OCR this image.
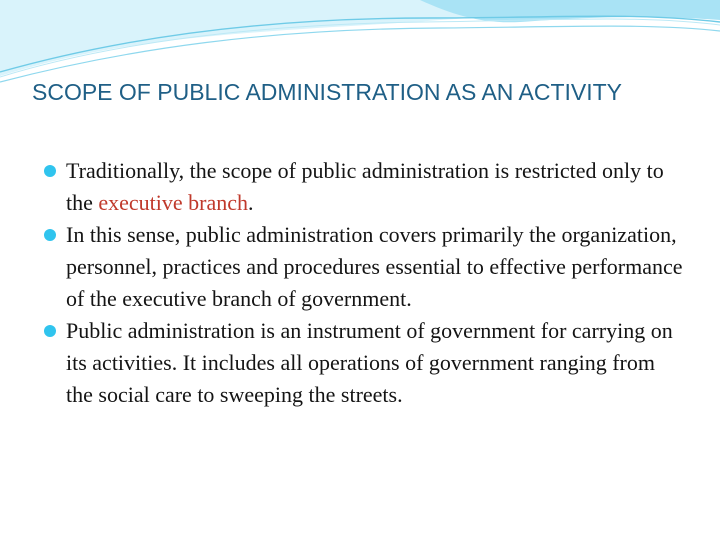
SCOPE OF PUBLIC ADMINISTRATION AS AN ACTIVITY
Traditionally, the scope of public administration is restricted only to the executive branch.
In this sense, public administration covers primarily the organization, personnel, practices and procedures essential to effective performance of the executive branch of government.
Public administration is an instrument of government for carrying on its activities. It includes all operations of government ranging from the social care to sweeping the streets.
